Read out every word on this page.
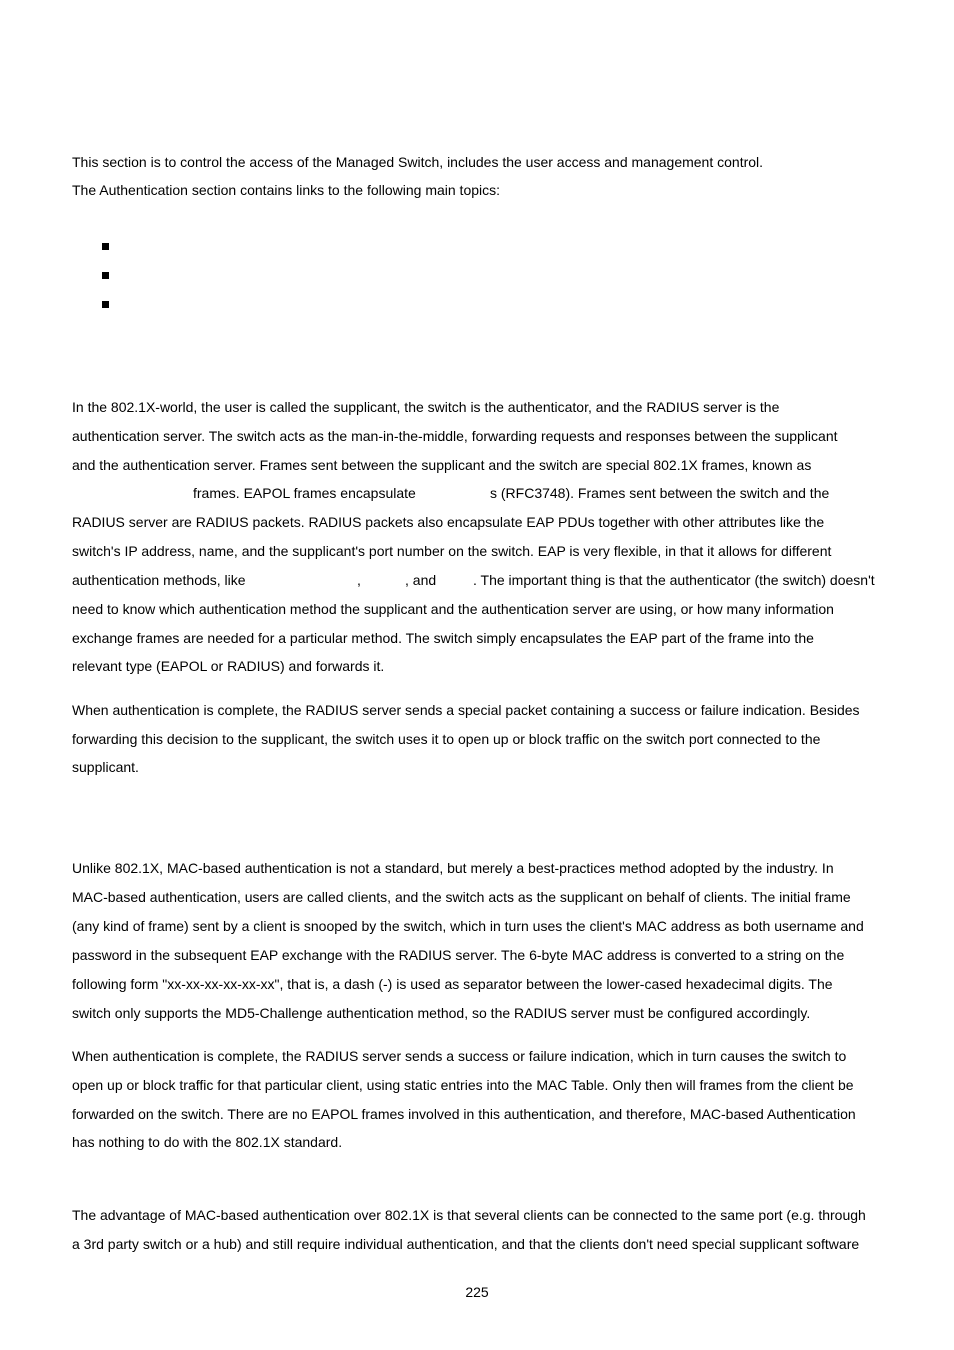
This section is to control the access of the Managed Switch, includes the user access and management control.
The Authentication section contains links to the following main topics:
In the 802.1X-world, the user is called the supplicant, the switch is the authenticator, and the RADIUS server is the
authentication server. The switch acts as the man-in-the-middle, forwarding requests and responses between the supplicant
and the authentication server. Frames sent between the supplicant and the switch are special 802.1X frames, known as
frames. EAPOL frames encapsulate	s (RFC3748). Frames sent between the switch and the
RADIUS server are RADIUS packets. RADIUS packets also encapsulate EAP PDUs together with other attributes like the
switch's IP address, name, and the supplicant's port number on the switch. EAP is very flexible, in that it allows for different
authentication methods, like	,	, and	. The important thing is that the authenticator (the switch) doesn't
need to know which authentication method the supplicant and the authentication server are using, or how many information
exchange frames are needed for a particular method. The switch simply encapsulates the EAP part of the frame into the
relevant type (EAPOL or RADIUS) and forwards it.
When authentication is complete, the RADIUS server sends a special packet containing a success or failure indication. Besides
forwarding this decision to the supplicant, the switch uses it to open up or block traffic on the switch port connected to the
supplicant.
Unlike 802.1X, MAC-based authentication is not a standard, but merely a best-practices method adopted by the industry. In
MAC-based authentication, users are called clients, and the switch acts as the supplicant on behalf of clients. The initial frame
(any kind of frame) sent by a client is snooped by the switch, which in turn uses the client's MAC address as both username and
password in the subsequent EAP exchange with the RADIUS server. The 6-byte MAC address is converted to a string on the
following form "xx-xx-xx-xx-xx-xx", that is, a dash (-) is used as separator between the lower-cased hexadecimal digits. The
switch only supports the MD5-Challenge authentication method, so the RADIUS server must be configured accordingly.
When authentication is complete, the RADIUS server sends a success or failure indication, which in turn causes the switch to
open up or block traffic for that particular client, using static entries into the MAC Table. Only then will frames from the client be
forwarded on the switch. There are no EAPOL frames involved in this authentication, and therefore, MAC-based Authentication
has nothing to do with the 802.1X standard.
The advantage of MAC-based authentication over 802.1X is that several clients can be connected to the same port (e.g. through
a 3rd party switch or a hub) and still require individual authentication, and that the clients don't need special supplicant software
225
